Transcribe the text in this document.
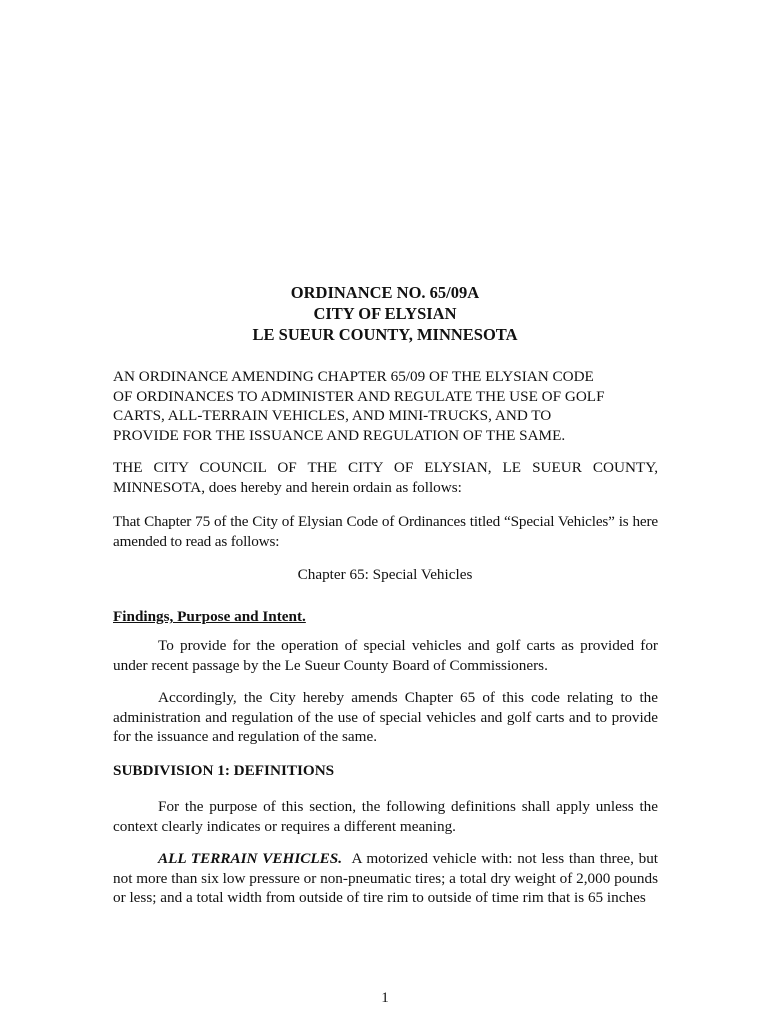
ORDINANCE NO. 65/09A
CITY OF ELYSIAN
LE SUEUR COUNTY, MINNESOTA
AN ORDINANCE AMENDING CHAPTER 65/09 OF THE ELYSIAN CODE
OF ORDINANCES TO ADMINISTER AND REGULATE THE USE OF GOLF
CARTS, ALL-TERRAIN VEHICLES, AND MINI-TRUCKS, AND TO
PROVIDE FOR THE ISSUANCE AND REGULATION OF THE SAME.

THE CITY COUNCIL OF THE CITY OF ELYSIAN, LE SUEUR COUNTY, MINNESOTA, does hereby and herein ordain as follows:

That Chapter 75 of the City of Elysian Code of Ordinances titled “Special Vehicles” is here amended to read as follows:

Chapter 65: Special Vehicles

Findings, Purpose and Intent.

To provide for the operation of special vehicles and golf carts as provided for under recent passage by the Le Sueur County Board of Commissioners.

Accordingly, the City hereby amends Chapter 65 of this code relating to the administration and regulation of the use of special vehicles and golf carts and to provide for the issuance and regulation of the same.

SUBDIVISION 1: DEFINITIONS

For the purpose of this section, the following definitions shall apply unless the context clearly indicates or requires a different meaning.

ALL TERRAIN VEHICLES. A motorized vehicle with: not less than three, but not more than six low pressure or non-pneumatic tires; a total dry weight of 2,000 pounds or less; and a total width from outside of tire rim to outside of time rim that is 65 inches

1
